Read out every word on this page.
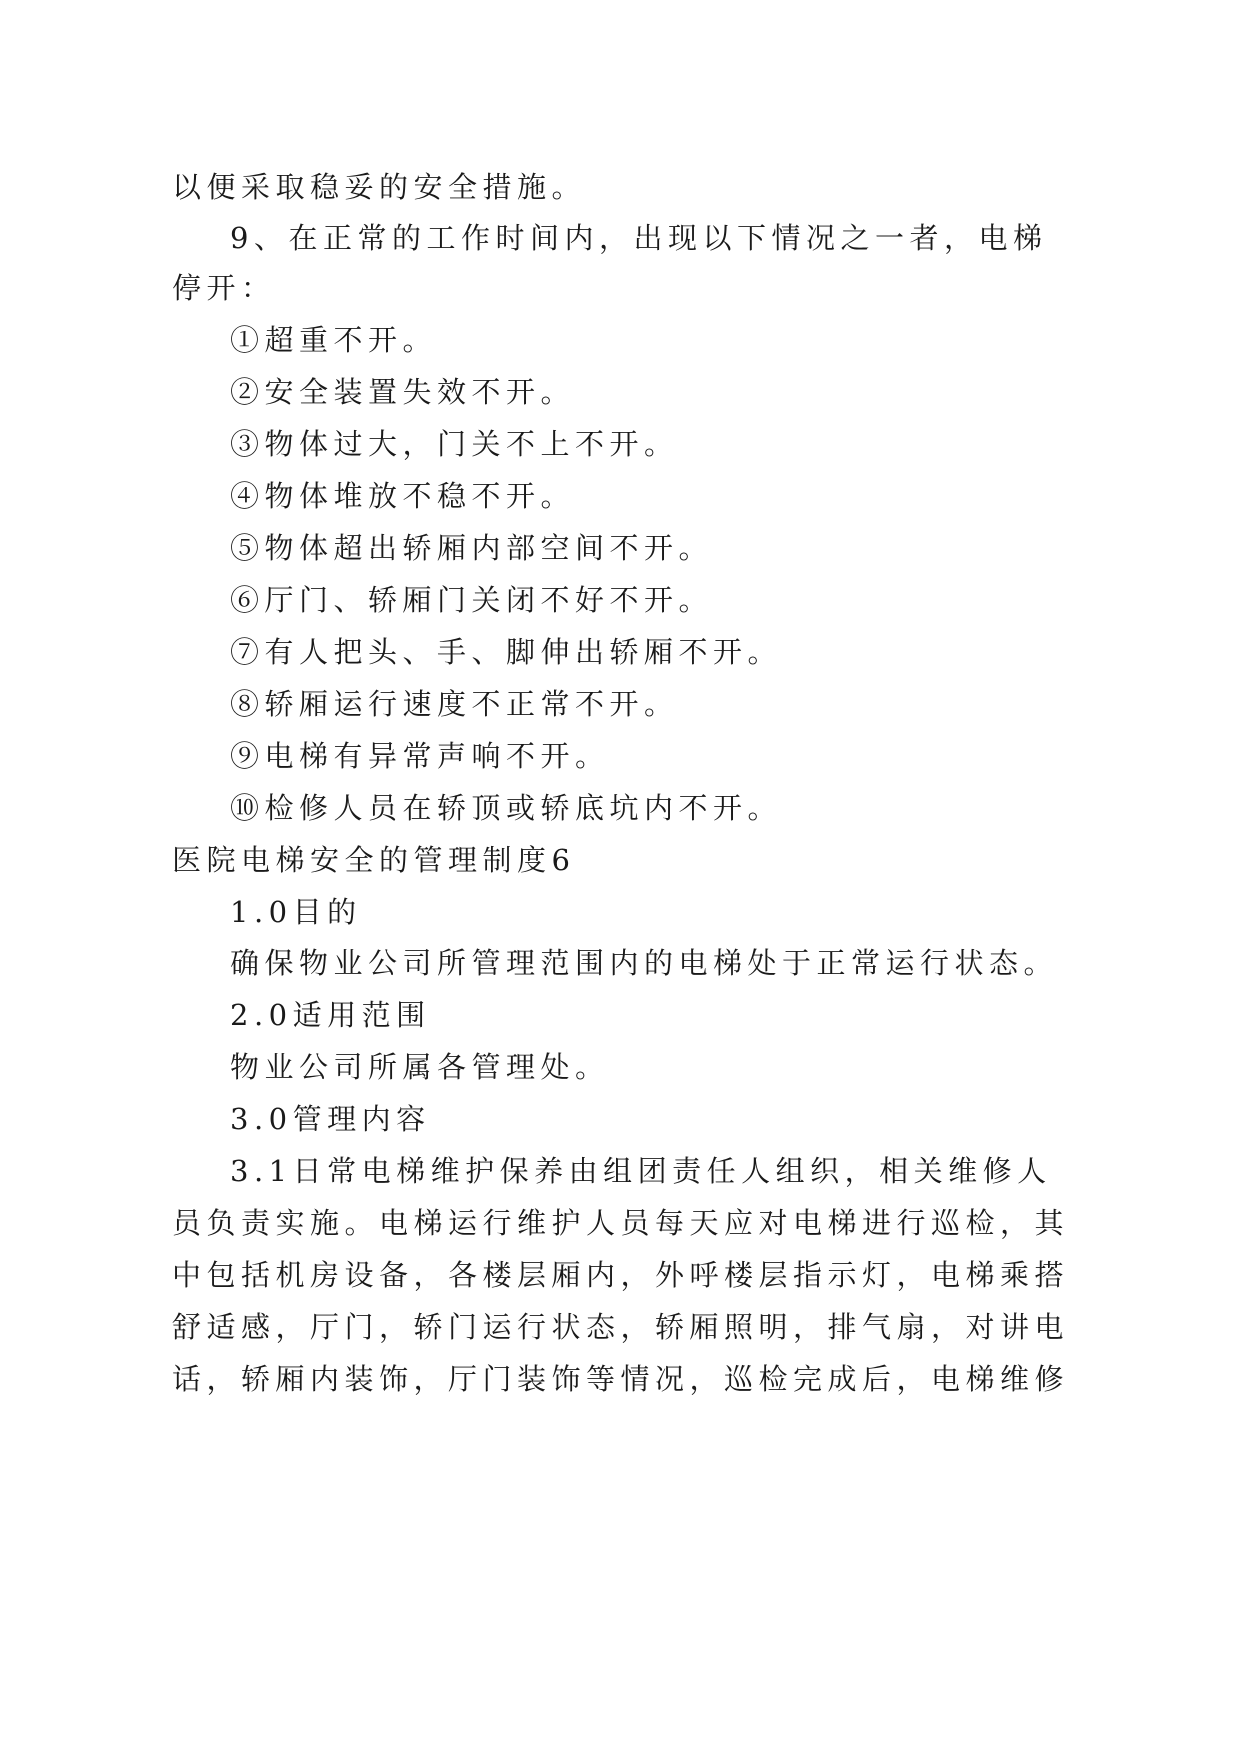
以便采取稳妥的安全措施。
9、在正常的工作时间内，出现以下情况之一者，电梯
停开：
①超重不开。
②安全装置失效不开。
③物体过大，门关不上不开。
④物体堆放不稳不开。
⑤物体超出轿厢内部空间不开。
⑥厅门、轿厢门关闭不好不开。
⑦有人把头、手、脚伸出轿厢不开。
⑧轿厢运行速度不正常不开。
⑨电梯有异常声响不开。
⑩检修人员在轿顶或轿底坑内不开。
医院电梯安全的管理制度6
1.0目的
确保物业公司所管理范围内的电梯处于正常运行状态。
2.0适用范围
物业公司所属各管理处。
3.0管理内容
3.1日常电梯维护保养由组团责任人组织，相关维修人
员负责实施。电梯运行维护人员每天应对电梯进行巡检，其
中包括机房设备，各楼层厢内，外呼楼层指示灯，电梯乘搭
舒适感，厅门，轿门运行状态，轿厢照明，排气扇，对讲电
话，轿厢内装饰，厅门装饰等情况，巡检完成后，电梯维修
